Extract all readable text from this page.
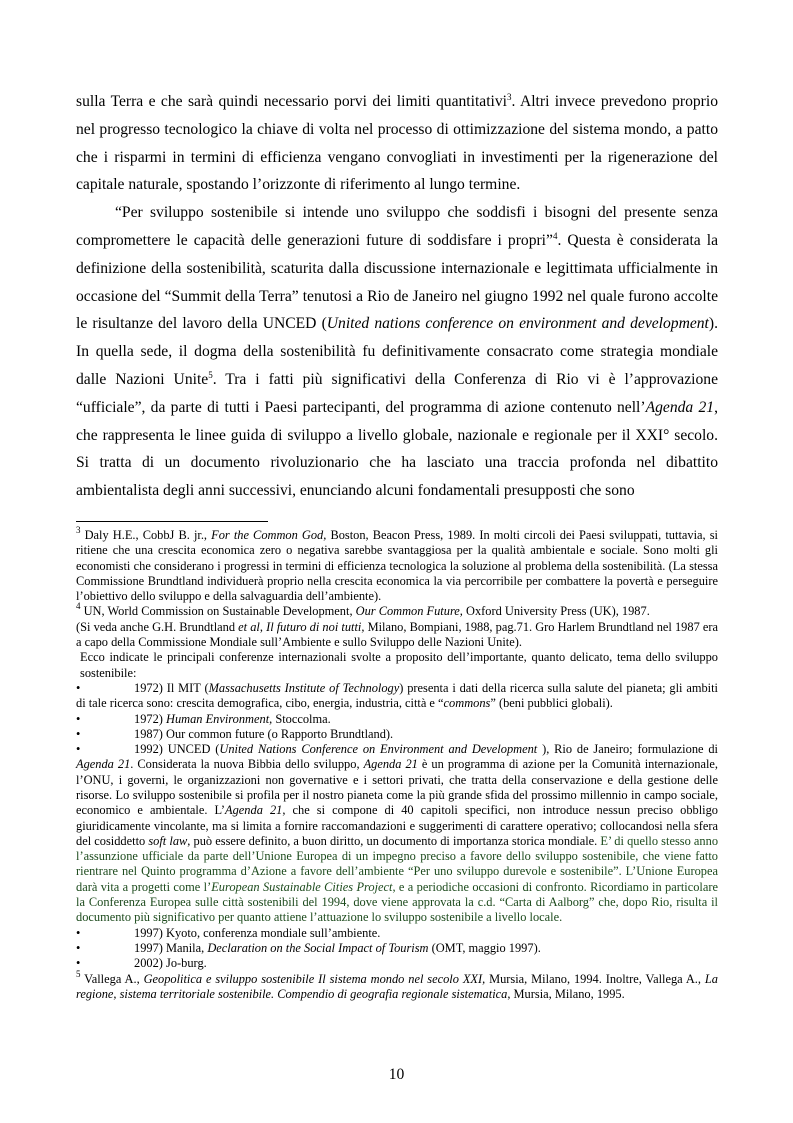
sulla Terra e che sarà quindi necessario porvi dei limiti quantitativi$^3$. Altri invece prevedono proprio nel progresso tecnologico la chiave di volta nel processo di ottimizzazione del sistema mondo, a patto che i risparmi in termini di efficienza vengano convogliati in investimenti per la rigenerazione del capitale naturale, spostando l’orizzonte di riferimento al lungo termine.

“Per sviluppo sostenibile si intende uno sviluppo che soddisfi i bisogni del presente senza compromettere le capacità delle generazioni future di soddisfare i propri”$^4$. Questa è considerata la definizione della sostenibilità, scaturita dalla discussione internazionale e legittimata ufficialmente in occasione del “Summit della Terra” tenutosi a Rio de Janeiro nel giugno 1992 nel quale furono accolte le risultanze del lavoro della UNCED (United nations conference on environment and development). In quella sede, il dogma della sostenibilità fu definitivamente consacrato come strategia mondiale dalle Nazioni Unite$^5$. Tra i fatti più significativi della Conferenza di Rio vi è l’approvazione “ufficiale”, da parte di tutti i Paesi partecipanti, del programma di azione contenuto nell’Agenda 21, che rappresenta le linee guida di sviluppo a livello globale, nazionale e regionale per il XXI° secolo. Si tratta di un documento rivoluzionario che ha lasciato una traccia profonda nel dibattito ambientalista degli anni successivi, enunciando alcuni fondamentali presupposti che sono

$^3$ Daly H.E., CobbJ B. jr., For the Common God, Boston, Beacon Press, 1989. In molti circoli dei Paesi sviluppati, tuttavia, si ritiene che una crescita economica zero o negativa sarebbe svantaggiosa per la qualità ambientale e sociale. Sono molti gli economisti che considerano i progressi in termini di efficienza tecnologica la soluzione al problema della sostenibilità. (La stessa Commissione Brundtland individuerà proprio nella crescita economica la via percorribile per combattere la povertà e perseguire l’obiettivo dello sviluppo e della salvaguardia dell’ambiente).

$^4$ UN, World Commission on Sustainable Development, Our Common Future, Oxford University Press (UK), 1987.

(Si veda anche G.H. Brundtland et al, Il futuro di noi tutti, Milano, Bompiani, 1988, pag.71. Gro Harlem Brundtland nel 1987 era a capo della Commissione Mondiale sull’Ambiente e sullo Sviluppo delle Nazioni Unite).

Ecco indicate le principali conferenze internazionali svolte a proposito dell’importante, quanto delicato, tema dello sviluppo sostenibile:

•	1972) Il MIT (Massachusetts Institute of Technology) presenta i dati della ricerca sulla salute del pianeta; gli ambiti di tale ricerca sono: crescita demografica, cibo, energia, industria, città e “commons” (beni pubblici globali).
•	1972) Human Environment, Stoccolma.
•	1987) Our common future (o Rapporto Brundtland).
•	1992) UNCED (United Nations Conference on Environment and Development ), Rio de Janeiro; formulazione di Agenda 21. Considerata la nuova Bibbia dello sviluppo, Agenda 21 è un programma di azione per la Comunità internazionale, l’ONU, i governi, le organizzazioni non governative e i settori privati, che tratta della conservazione e della gestione delle risorse. Lo sviluppo sostenibile si profila per il nostro pianeta come la più grande sfida del prossimo millennio in campo sociale, economico e ambientale. L’Agenda 21, che si compone di 40 capitoli specifici, non introduce nessun preciso obbligo giuridicamente vincolante, ma si limita a fornire raccomandazioni e suggerimenti di carattere operativo; collocandosi nella sfera del cosiddetto soft law, può essere definito, a buon diritto, un documento di importanza storica mondiale. E’ di quello stesso anno l’assunzione ufficiale da parte dell’Unione Europea di un impegno preciso a favore dello sviluppo sostenibile, che viene fatto rientrare nel Quinto programma d’Azione a favore dell’ambiente “Per uno sviluppo durevole e sostenibile”. L’Unione Europea darà vita a progetti come l’European Sustainable Cities Project, e a periodiche occasioni di confronto. Ricordiamo in particolare la Conferenza Europea sulle città sostenibili del 1994, dove viene approvata la c.d. “Carta di Aalborg” che, dopo Rio, risulta il documento più significativo per quanto attiene l’attuazione lo sviluppo sostenibile a livello locale.
•	1997) Kyoto, conferenza mondiale sull’ambiente.
•	1997) Manila, Declaration on the Social Impact of Tourism (OMT, maggio 1997).
•	2002) Jo-burg.

$^5$ Vallega A., Geopolitica e sviluppo sostenibile Il sistema mondo nel secolo XXI, Mursia, Milano, 1994. Inoltre, Vallega A., La regione, sistema territoriale sostenibile. Compendio di geografia regionale sistematica, Mursia, Milano, 1995.

10
